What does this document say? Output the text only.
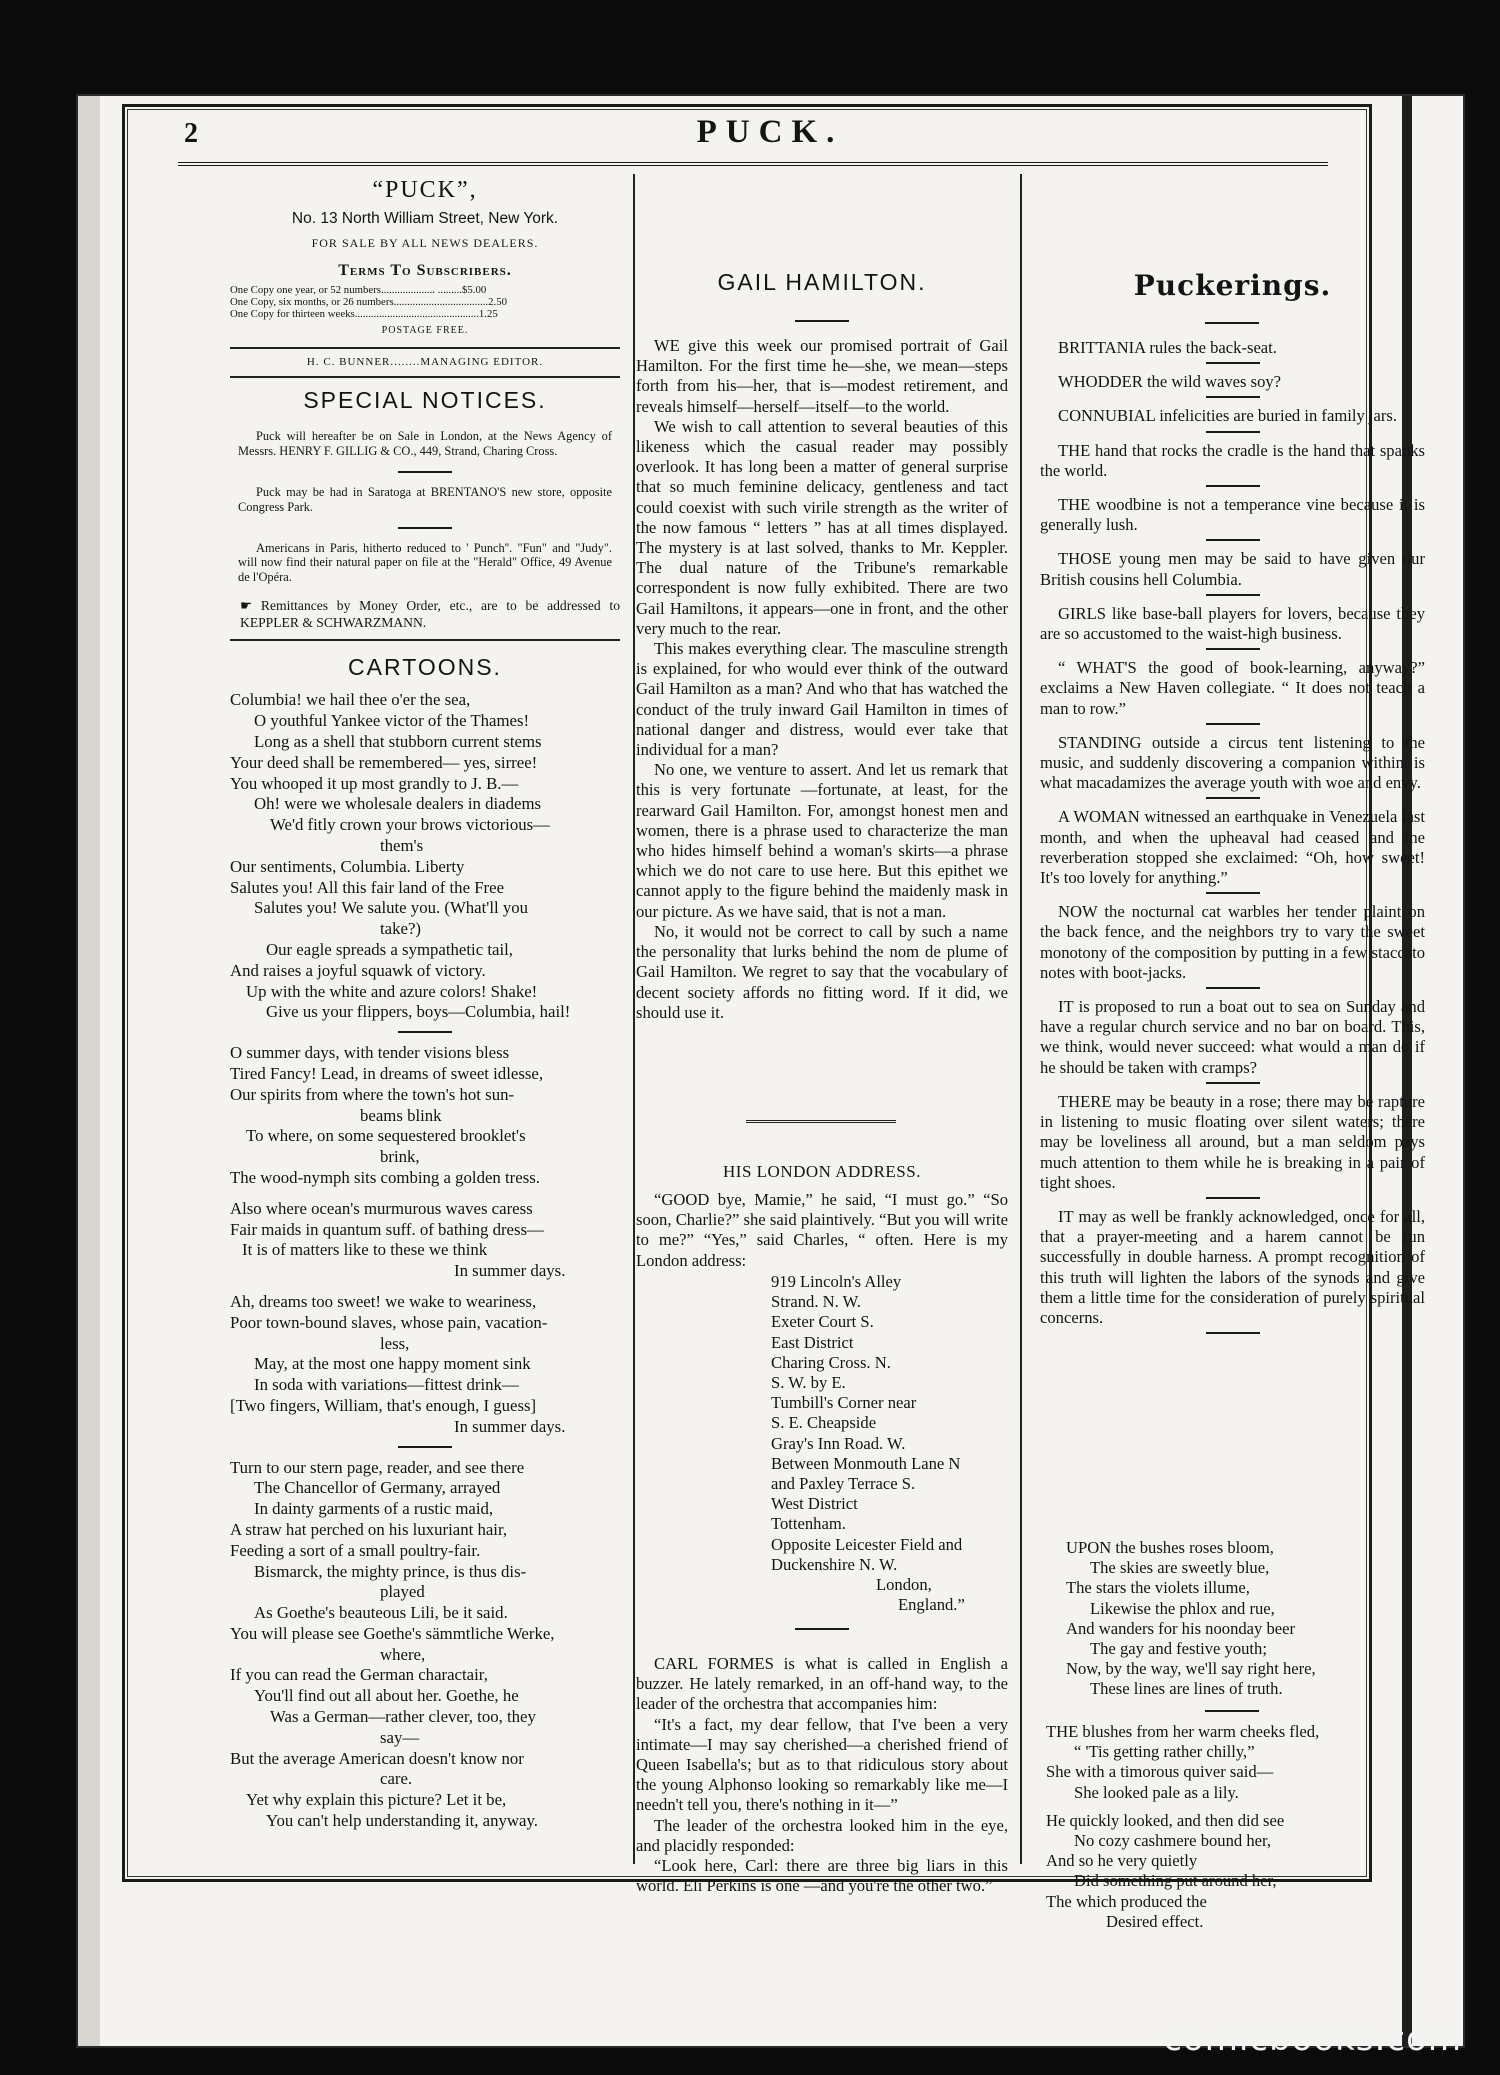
2	PUCK.
“PUCK”,
No. 13 North William Street, New York.
FOR SALE BY ALL NEWS DEALERS.
Terms To Subscribers.
One Copy one year, or 52 numbers.................... .........$5.00
One Copy, six months, or 26 numbers...................................2.50
One Copy for thirteen weeks..............................................1.25
POSTAGE FREE.
H. C. BUNNER........MANAGING EDITOR.
SPECIAL NOTICES.

Puck will hereafter be on Sale in London, at the News Agency of Messrs. HENRY F. GILLIG & CO., 449, Strand, Charing Cross.

Puck may be had in Saratoga at BRENTANO'S new store, opposite Congress Park.

Americans in Paris, hitherto reduced to ' Punch''. "Fun" and "Judy". will now find their natural paper on file at the "Herald" Office, 49 Avenue de l'Opéra.

☛ Remittances by Money Order, etc., are to be addressed to KEPPLER & SCHWARZMANN.
CARTOONS.
Columbia! we hail thee o'er the sea,
O youthful Yankee victor of the Thames!
Long as a shell that stubborn current stems
Your deed shall be remembered— yes, sirree!
You whooped it up most grandly to J. B.—
Oh! were we wholesale dealers in diadems
We'd fitly crown your brows victorious—
them's
Our sentiments, Columbia. Liberty
Salutes you! All this fair land of the Free
Salutes you! We salute you. (What'll you
take?)
Our eagle spreads a sympathetic tail,
And raises a joyful squawk of victory.
Up with the white and azure colors! Shake!
Give us your flippers, boys—Columbia, hail!
O summer days, with tender visions bless
Tired Fancy! Lead, in dreams of sweet idlesse,
Our spirits from where the town's hot sun-
beams blink
To where, on some sequestered brooklet's
brink,
The wood-nymph sits combing a golden tress.
Also where ocean's murmurous waves caress
Fair maids in quantum suff. of bathing dress—
It is of matters like to these we think
In summer days.
Ah, dreams too sweet! we wake to weariness,
Poor town-bound slaves, whose pain, vacation-
less,
May, at the most one happy moment sink
In soda with variations—fittest drink—
[Two fingers, William, that's enough, I guess]
In summer days.
Turn to our stern page, reader, and see there
The Chancellor of Germany, arrayed
In dainty garments of a rustic maid,
A straw hat perched on his luxuriant hair,
Feeding a sort of a small poultry-fair.
Bismarck, the mighty prince, is thus dis-
played
As Goethe's beauteous Lili, be it said.
You will please see Goethe's sämmtliche Werke,
where,
If you can read the German charactair,
You'll find out all about her. Goethe, he
Was a German—rather clever, too, they
say—
But the average American doesn't know nor
care.
Yet why explain this picture? Let it be,
You can't help understanding it, anyway.
GAIL HAMILTON.

WE give this week our promised portrait of Gail Hamilton. For the first time he—she, we mean—steps forth from his—her, that is—modest retirement, and reveals himself—herself—itself—to the world.

We wish to call attention to several beauties of this likeness which the casual reader may possibly overlook. It has long been a matter of general surprise that so much feminine delicacy, gentleness and tact could coexist with such virile strength as the writer of the now famous “ letters ” has at all times displayed. The mystery is at last solved, thanks to Mr. Keppler. The dual nature of the Tribune's remarkable correspondent is now fully exhibited. There are two Gail Hamiltons, it appears—one in front, and the other very much to the rear.

This makes everything clear. The masculine strength is explained, for who would ever think of the outward Gail Hamilton as a man? And who that has watched the conduct of the truly inward Gail Hamilton in times of national danger and distress, would ever take that individual for a man?

No one, we venture to assert. And let us remark that this is very fortunate —fortunate, at least, for the rearward Gail Hamilton. For, amongst honest men and women, there is a phrase used to characterize the man who hides himself behind a woman's skirts—a phrase which we do not care to use here. But this epithet we cannot apply to the figure behind the maidenly mask in our picture. As we have said, that is not a man.

No, it would not be correct to call by such a name the personality that lurks behind the nom de plume of Gail Hamilton. We regret to say that the vocabulary of decent society affords no fitting word. If it did, we should use it.

HIS LONDON ADDRESS.

“GOOD bye, Mamie,” he said, “I must go.” “So soon, Charlie?” she said plaintively. “But you will write to me?” “Yes,” said Charles, “ often. Here is my London address:

919 Lincoln's Alley
Strand. N. W.
Exeter Court S.
East District
Charing Cross. N.
S. W. by E.
Tumbill's Corner near
S. E. Cheapside
Gray's Inn Road. W.
Between Monmouth Lane N
and Paxley Terrace S.
West District
Tottenham.
Opposite Leicester Field and
Duckenshire N. W.
London,
England.”

CARL FORMES is what is called in English a buzzer. He lately remarked, in an off-hand way, to the leader of the orchestra that accompanies him:

“It's a fact, my dear fellow, that I've been a very intimate—I may say cherished—a cherished friend of Queen Isabella's; but as to that ridiculous story about the young Alphonso looking so remarkably like me—I needn't tell you, there's nothing in it—”

The leader of the orchestra looked him in the eye, and placidly responded:

“Look here, Carl: there are three big liars in this world. Eli Perkins is one —and you're the other two.”

Puckerings.

BRITTANIA rules the back-seat.

WHODDER the wild waves soy?

CONNUBIAL infelicities are buried in family jars.

THE hand that rocks the cradle is the hand that spanks the world.

THE woodbine is not a temperance vine because it is generally lush.

THOSE young men may be said to have given our British cousins hell Columbia.

GIRLS like base-ball players for lovers, because they are so accustomed to the waist-high business.

“ WHAT'S the good of book-learning, anyway?” exclaims a New Haven collegiate. “ It does not teach a man to row.”

STANDING outside a circus tent listening to the music, and suddenly discovering a companion within, is what macadamizes the average youth with woe and envy.

A WOMAN witnessed an earthquake in Venezuela last month, and when the upheaval had ceased and the reverberation stopped she exclaimed: “Oh, how sweet! It's too lovely for anything.”

NOW the nocturnal cat warbles her tender plaint on the back fence, and the neighbors try to vary the sweet monotony of the composition by putting in a few staccato notes with boot-jacks.

IT is proposed to run a boat out to sea on Sunday and have a regular church service and no bar on board. This, we think, would never succeed: what would a man do if he should be taken with cramps?

THERE may be beauty in a rose; there may be rapture in listening to music floating over silent waters; there may be loveliness all around, but a man seldom pays much attention to them while he is breaking in a pair of tight shoes.

IT may as well be frankly acknowledged, once for all, that a prayer-meeting and a harem cannot be run successfully in double harness. A prompt recognition of this truth will lighten the labors of the synods and give them a little time for the consideration of purely spiritual concerns.

UPON the bushes roses bloom,
The skies are sweetly blue,
The stars the violets illume,
Likewise the phlox and rue,
And wanders for his noonday beer
The gay and festive youth;
Now, by the way, we'll say right here,
These lines are lines of truth.
THE blushes from her warm cheeks fled,
“ 'Tis getting rather chilly,”
She with a timorous quiver said—
She looked pale as a lily.
He quickly looked, and then did see
No cozy cashmere bound her,
And so he very quietly
Did something put around her,
The which produced the
Desired effect.
comicbooks.com
